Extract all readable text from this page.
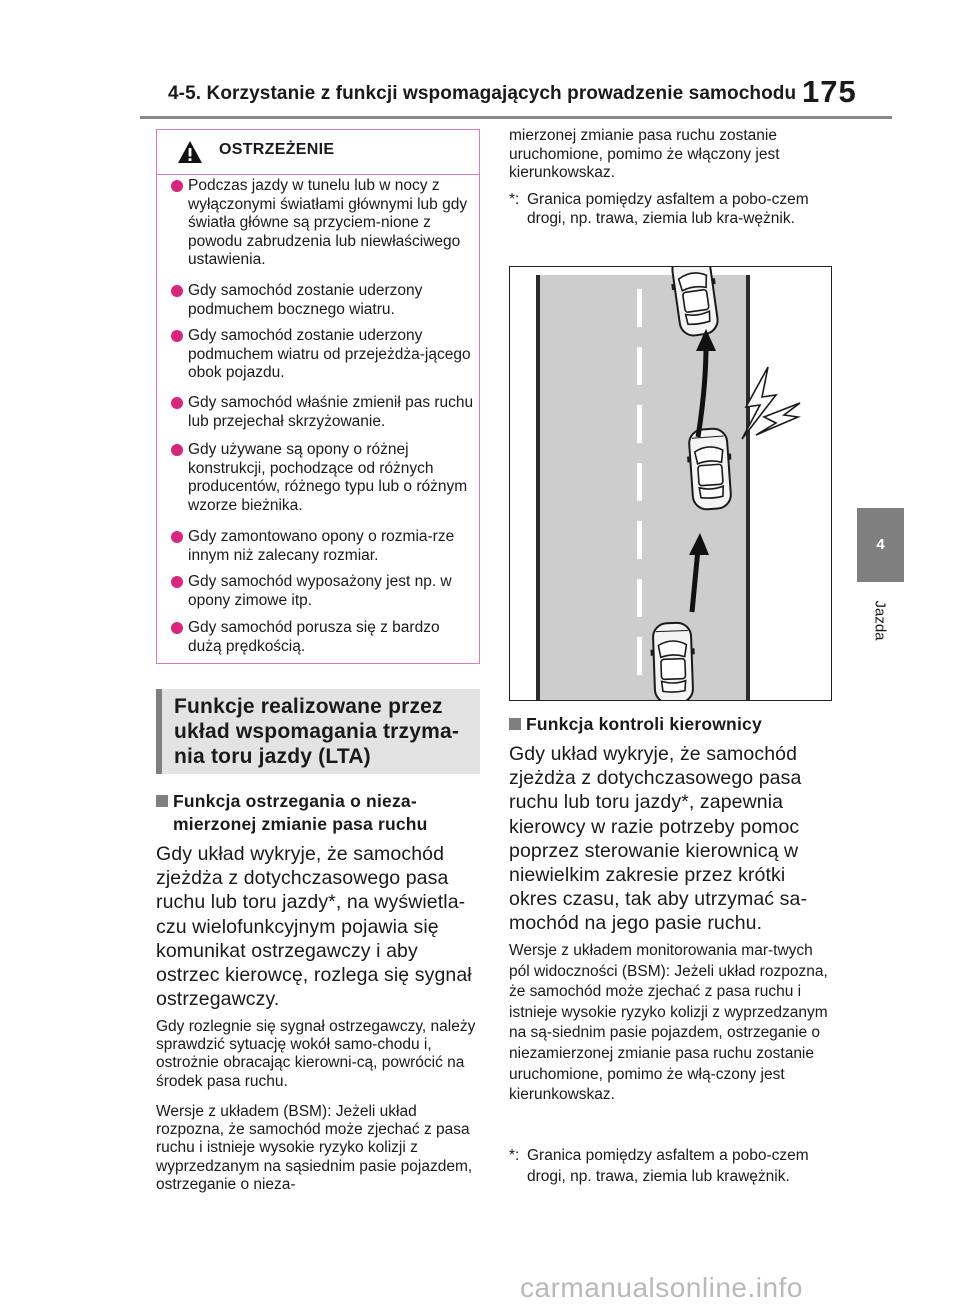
4-5. Korzystanie z funkcji wspomagających prowadzenie samochodu 175
4
Jazda
OSTRZEŻENIE
Podczas jazdy w tunelu lub w nocy z wyłączonymi światłami głównymi lub gdy światła główne są przyciem-nione z powodu zabrudzenia lub niewłaściwego ustawienia.
Gdy samochód zostanie uderzony podmuchem bocznego wiatru.
Gdy samochód zostanie uderzony podmuchem wiatru od przejeżdża-jącego obok pojazdu.
Gdy samochód właśnie zmienił pas ruchu lub przejechał skrzyżowanie.
Gdy używane są opony o różnej konstrukcji, pochodzące od różnych producentów, różnego typu lub o różnym wzorze bieżnika.
Gdy zamontowano opony o rozmia-rze innym niż zalecany rozmiar.
Gdy samochód wyposażony jest np. w opony zimowe itp.
Gdy samochód porusza się z bardzo dużą prędkością.
Funkcje realizowane przez układ wspomagania trzyma-nia toru jazdy (LTA)
Funkcja ostrzegania o nieza-mierzonej zmianie pasa ruchu
Gdy układ wykryje, że samochód zjeżdża z dotychczasowego pasa ruchu lub toru jazdy*, na wyświetla-czu wielofunkcyjnym pojawia się komunikat ostrzegawczy i aby ostrzec kierowcę, rozlega się sygnał ostrzegawczy.
Gdy rozlegnie się sygnał ostrzegawczy, należy sprawdzić sytuację wokół samo-chodu i, ostrożnie obracając kierowni-cą, powrócić na środek pasa ruchu.
Wersje z układem (BSM): Jeżeli układ rozpozna, że samochód może zjechać z pasa ruchu i istnieje wysokie ryzyko kolizji z wyprzedzanym na sąsiednim pasie pojazdem, ostrzeganie o nieza-
mierzonej zmianie pasa ruchu zostanie uruchomione, pomimo że włączony jest kierunkowskaz.
*: Granica pomiędzy asfaltem a pobo-czem drogi, np. trawa, ziemia lub kra-wężnik.
Funkcja kontroli kierownicy
Gdy układ wykryje, że samochód zjeżdża z dotychczasowego pasa ruchu lub toru jazdy*, zapewnia kierowcy w razie potrzeby pomoc poprzez sterowanie kierownicą w niewielkim zakresie przez krótki okres czasu, tak aby utrzymać sa-mochód na jego pasie ruchu.
Wersje z układem monitorowania mar-twych pól widoczności (BSM): Jeżeli układ rozpozna, że samochód może zjechać z pasa ruchu i istnieje wysokie ryzyko kolizji z wyprzedzanym na są-siednim pasie pojazdem, ostrzeganie o niezamierzonej zmianie pasa ruchu zostanie uruchomione, pomimo że włą-czony jest kierunkowskaz.
*: Granica pomiędzy asfaltem a pobo-czem drogi, np. trawa, ziemia lub krawężnik.
carmanualsonline.info
